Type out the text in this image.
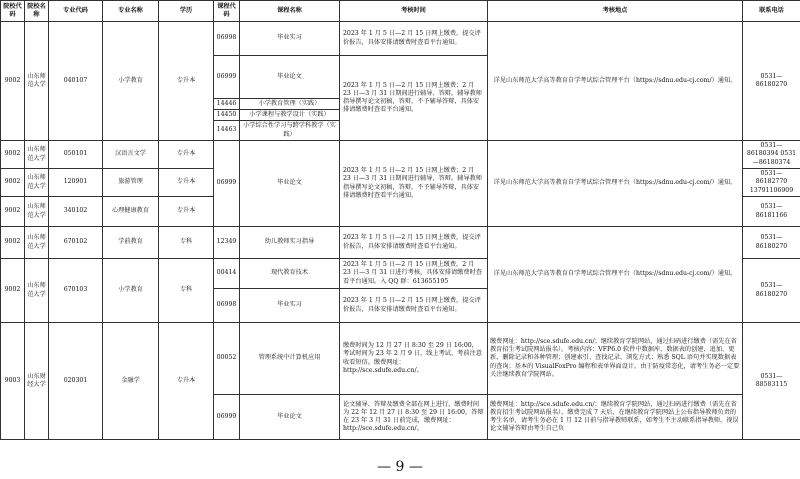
院校代码	院校名称	专业代码	专业名称	学历	课程代码	课程名称	考核时间	考核地点	联系电话
9002	山东师范大学	040107	小学教育	专升本	06998	毕业实习	2023 年 1 月 5 日—2 月 15 日网上缴费，提交评价报告，具体安排请缴费时查看平台通知。	详见山东师范大学高等教育自学考试综合管理平台（https://sdnu.edu-cj.com/）通知。	0531—86180270
					06999	毕业论文	2023 年 1 月 5 日—2 月 15 日网上缴费；2 月 23 日—3 月 31 日期间进行辅导、答辩。辅导教师指导撰写论文初稿，答辩，不予辅导答辩，具体安排请缴费时查看平台通知。		
					14446	小学教育管理（实践）			
					14450	小学课程与教学设计（实践）			
					14463	小学综合性学习与跨学科教学（实践）			
9002	山东师范大学	050101	汉语言文学	专升本	06999	毕业论文	2023 年 1 月 5 日—2 月 15 日网上缴费；2 月 23 日—3 月 31 日期间进行辅导、答辩。辅导教师指导撰写论文初稿，答辩，不予辅导答辩，具体安排请缴费时查看平台通知。	详见山东师范大学高等教育自学考试综合管理平台（https://sdnu.edu-cj.com/）通知。	0531—86180394 0531—86180374
9002	山东师范大学	120901	旅游管理	专升本					0531—86182770 13791106909
9002	山东师范大学	340102	心理健康教育	专升本					0531—86181166
9002	山东师范大学	670102	学前教育	专科	12349	幼儿教师实习指导	2023 年 1 月 5 日—2 月 15 日网上缴费，提交评价报告，具体安排请缴费时查看平台通知。	详见山东师范大学高等教育自学考试综合管理平台（https://sdnu.edu-cj.com/）通知。	0531—86180270
9002	山东师范大学	670103	小学教育	专科	00414	现代教育技术	2023 年 1 月 5 日—2 月 15 日网上缴费，2 月 23 日—3 月 31 日进行考核，具体安排请缴费时查看平台通知。入 QQ 群：613655195		0531—86180270
					06998	毕业实习	2023 年 1 月 5 日—2 月 15 日网上缴费，提交评价报告，具体安排请缴费时查看平台通知。		
9003	山东财经大学	020301	金融学	专升本	00052	管理系统中计算机应用	缴费时间为 12 月 27 日 8:30 至 29 日 16:00，考试时间为 23 年 2 月 9 日，线上考试，考前注意收看短信。缴费网址：http://sce.sdufe.edu.cn/。	缴费网址：http://sce.sdufe.edu.cn/；继续教育学院网站，通过扫码进行缴费（需先在省教育招生考试院网站报名）。考核内容：VFP6.0 软件中数据库、数据表的创建、追加、更新、删除记录和各种管理；创建索引、查找记录、浏览方式；熟悉 SQL 语句并实现数据表的查询；基本的 VisualFoxPro 编程和表单界面设计。由于防疫常态化，请考生务必一定要关注继续教育学院网站。	0531—88583115
					06999	毕业论文	论文辅导、答辩及缴费全部在网上进行，缴费时间为 22 年 12 月 27 日 8:30 至 29 日 16:00，答辩在 23 年 3 月 31 日前完成，缴费网址：http://sce.sdufe.edu.cn/。	缴费网址：http://sce.sdufe.edu.cn/；继续教育学院网站，通过扫码进行缴费（需先在省教育招生考试院网站报名）。缴费完成 7 天后，在继续教育学院网站上公布指导教师负责的考生名单，请考生务必在 1 月 12 日前与指导教师联系，如考生不主动联系指导教师，视误论文辅导答辩由考生自己负	
— 9 —
